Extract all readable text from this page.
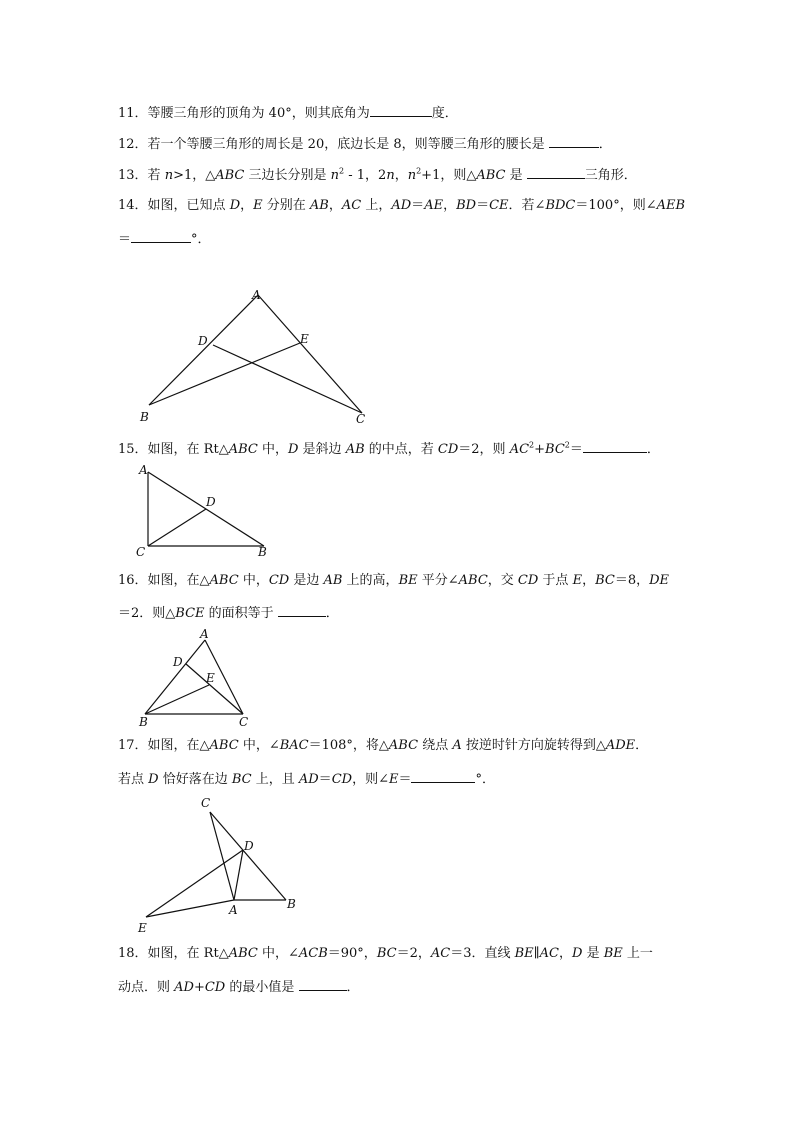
11．等腰三角形的顶角为 40°，则其底角为	度．
12．若一个等腰三角形的周长是 20，底边长是 8，则等腰三角形的腰长是	．
13．若 n>1，△ABC 三边长分别是 $n^2 - 1$，2n，$n^2+1$，则△ABC 是	三角形．
14．如图，已知点 D，E 分别在 AB，AC 上，AD＝AE，BD＝CE．若∠BDC＝100°，则∠AEB
＝	°．
A
D	E
B	C
15．如图，在 Rt△ABC 中，D 是斜边 AB 的中点，若 CD＝2，则 $AC^2+BC^2=$	．
A
D
C	B
16．如图，在△ABC 中，CD 是边 AB 上的高，BE 平分∠ABC，交 CD 于点 E，BC＝8，DE
＝2．则△BCE 的面积等于	．
A
D
E
B	C
17．如图，在△ABC 中，∠BAC＝108°，将△ABC 绕点 A 按逆时针方向旋转得到△ADE．
若点 D 恰好落在边 BC 上，且 AD＝CD，则∠E＝	°．
C
D
A	B
E
18．如图，在 Rt△ABC 中，∠ACB＝90°，BC＝2，AC＝3．直线 BE∥AC，D 是 BE 上一
动点．则 AD+CD 的最小值是	．
